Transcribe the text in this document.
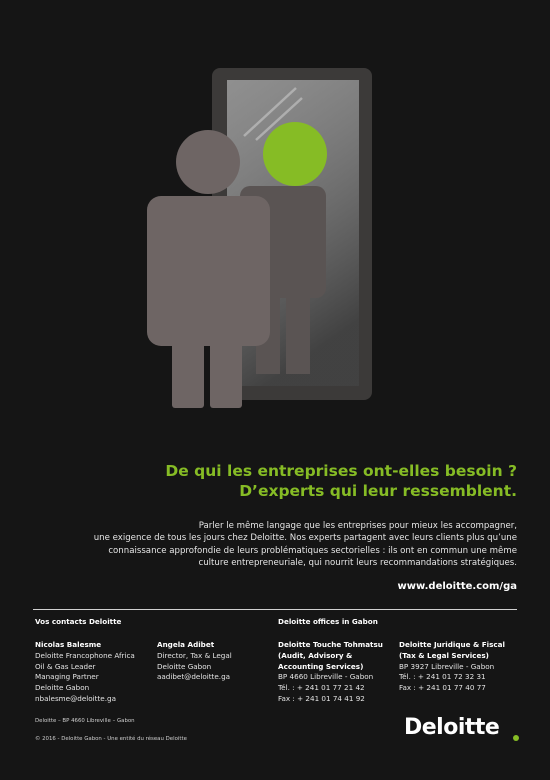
De qui les entreprises ont-elles besoin ?
D’experts qui leur ressemblent.
Parler le même langage que les entreprises pour mieux les accompagner,
une exigence de tous les jours chez Deloitte. Nos experts partagent avec leurs clients plus qu’une
connaissance approfondie de leurs problématiques sectorielles : ils ont en commun une même
culture entrepreneuriale, qui nourrit leurs recommandations stratégiques.
www.deloitte.com/ga
Vos contacts Deloitte
Nicolas Balesme
Deloitte Francophone Africa
Oil & Gas Leader
Managing Partner
Deloitte Gabon
nbalesme@deloitte.ga
Angela Adibet
Director, Tax & Legal
Deloitte Gabon
aadibet@deloitte.ga
Deloitte offices in Gabon
Deloitte Touche Tohmatsu
(Audit, Advisory &
Accounting Services)
BP 4660 Libreville - Gabon
Tél. : + 241 01 77 21 42
Fax : + 241 01 74 41 92
Deloitte Juridique & Fiscal
(Tax & Legal Services)
BP 3927 Libreville - Gabon
Tél. : + 241 01 72 32 31
Fax : + 241 01 77 40 77
Deloitte – BP 4660 Libreville – Gabon
© 2016 - Deloitte Gabon - Une entité du réseau Deloitte	Deloitte
